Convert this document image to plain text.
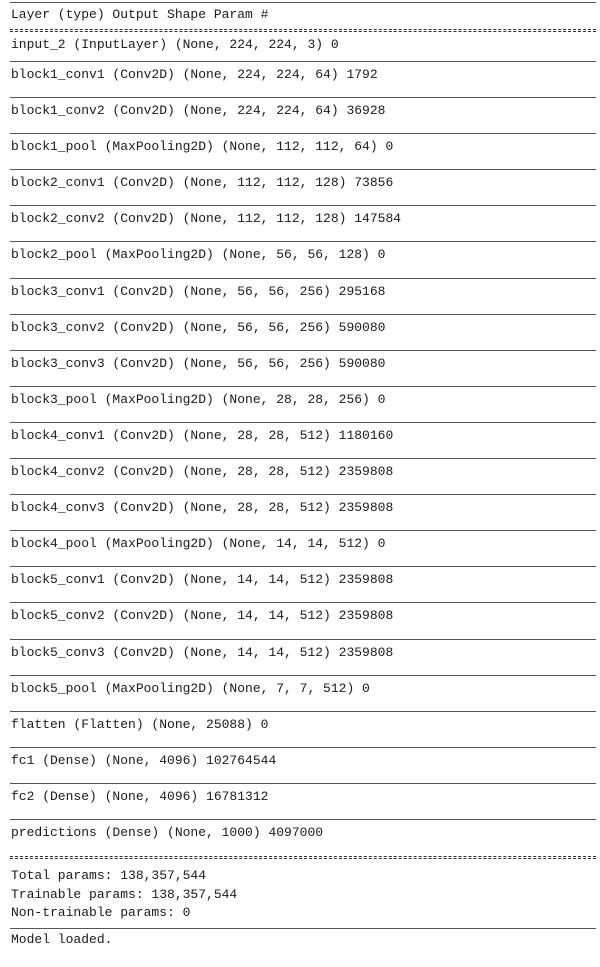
Layer (type) Output Shape Param #
input_2 (InputLayer) (None, 224, 224, 3) 0
block1_conv1 (Conv2D) (None, 224, 224, 64) 1792
block1_conv2 (Conv2D) (None, 224, 224, 64) 36928
block1_pool (MaxPooling2D) (None, 112, 112, 64) 0
block2_conv1 (Conv2D) (None, 112, 112, 128) 73856
block2_conv2 (Conv2D) (None, 112, 112, 128) 147584
block2_pool (MaxPooling2D) (None, 56, 56, 128) 0
block3_conv1 (Conv2D) (None, 56, 56, 256) 295168
block3_conv2 (Conv2D) (None, 56, 56, 256) 590080
block3_conv3 (Conv2D) (None, 56, 56, 256) 590080
block3_pool (MaxPooling2D) (None, 28, 28, 256) 0
block4_conv1 (Conv2D) (None, 28, 28, 512) 1180160
block4_conv2 (Conv2D) (None, 28, 28, 512) 2359808
block4_conv3 (Conv2D) (None, 28, 28, 512) 2359808
block4_pool (MaxPooling2D) (None, 14, 14, 512) 0
block5_conv1 (Conv2D) (None, 14, 14, 512) 2359808
block5_conv2 (Conv2D) (None, 14, 14, 512) 2359808
block5_conv3 (Conv2D) (None, 14, 14, 512) 2359808
block5_pool (MaxPooling2D) (None, 7, 7, 512) 0
flatten (Flatten) (None, 25088) 0
fc1 (Dense) (None, 4096) 102764544
fc2 (Dense) (None, 4096) 16781312
predictions (Dense) (None, 1000) 4097000
Total params: 138,357,544
Trainable params: 138,357,544
Non-trainable params: 0
Model loaded.
